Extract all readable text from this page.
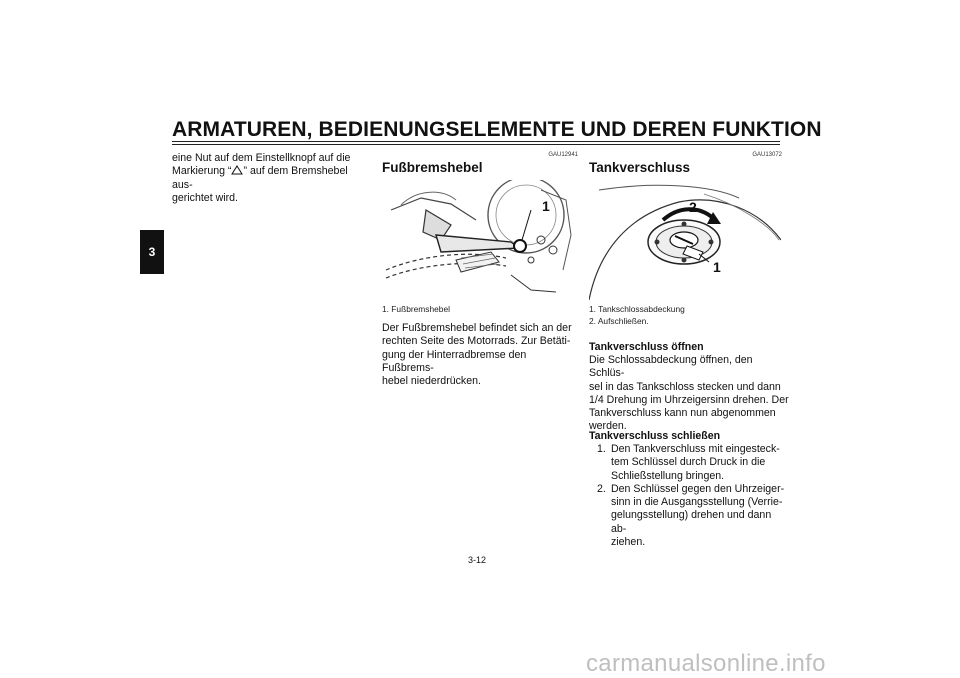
ARMATUREN, BEDIENUNGSELEMENTE UND DEREN FUNKTION
3
eine Nut auf dem Einstellknopf auf die
Markierung “ ” auf dem Bremshebel aus-
gerichtet wird.
GAU12941
Fußbremshebel
1
1. Fußbremshebel
Der Fußbremshebel befindet sich an der
rechten Seite des Motorrads. Zur Betäti-
gung der Hinterradbremse den Fußbrems-
hebel niederdrücken.
GAU13072
Tankverschluss
2
1
1. Tankschlossabdeckung
2. Aufschließen.
Tankverschluss öffnen
Die Schlossabdeckung öffnen, den Schlüs-
sel in das Tankschloss stecken und dann
1/4 Drehung im Uhrzeigersinn drehen. Der
Tankverschluss kann nun abgenommen
werden.
Tankverschluss schließen
1. Den Tankverschluss mit eingesteck-
tem Schlüssel durch Druck in die
Schließstellung bringen.
2. Den Schlüssel gegen den Uhrzeiger-
sinn in die Ausgangsstellung (Verrie-
gelungsstellung) drehen und dann ab-
ziehen.
3-12
carmanualsonline.info
